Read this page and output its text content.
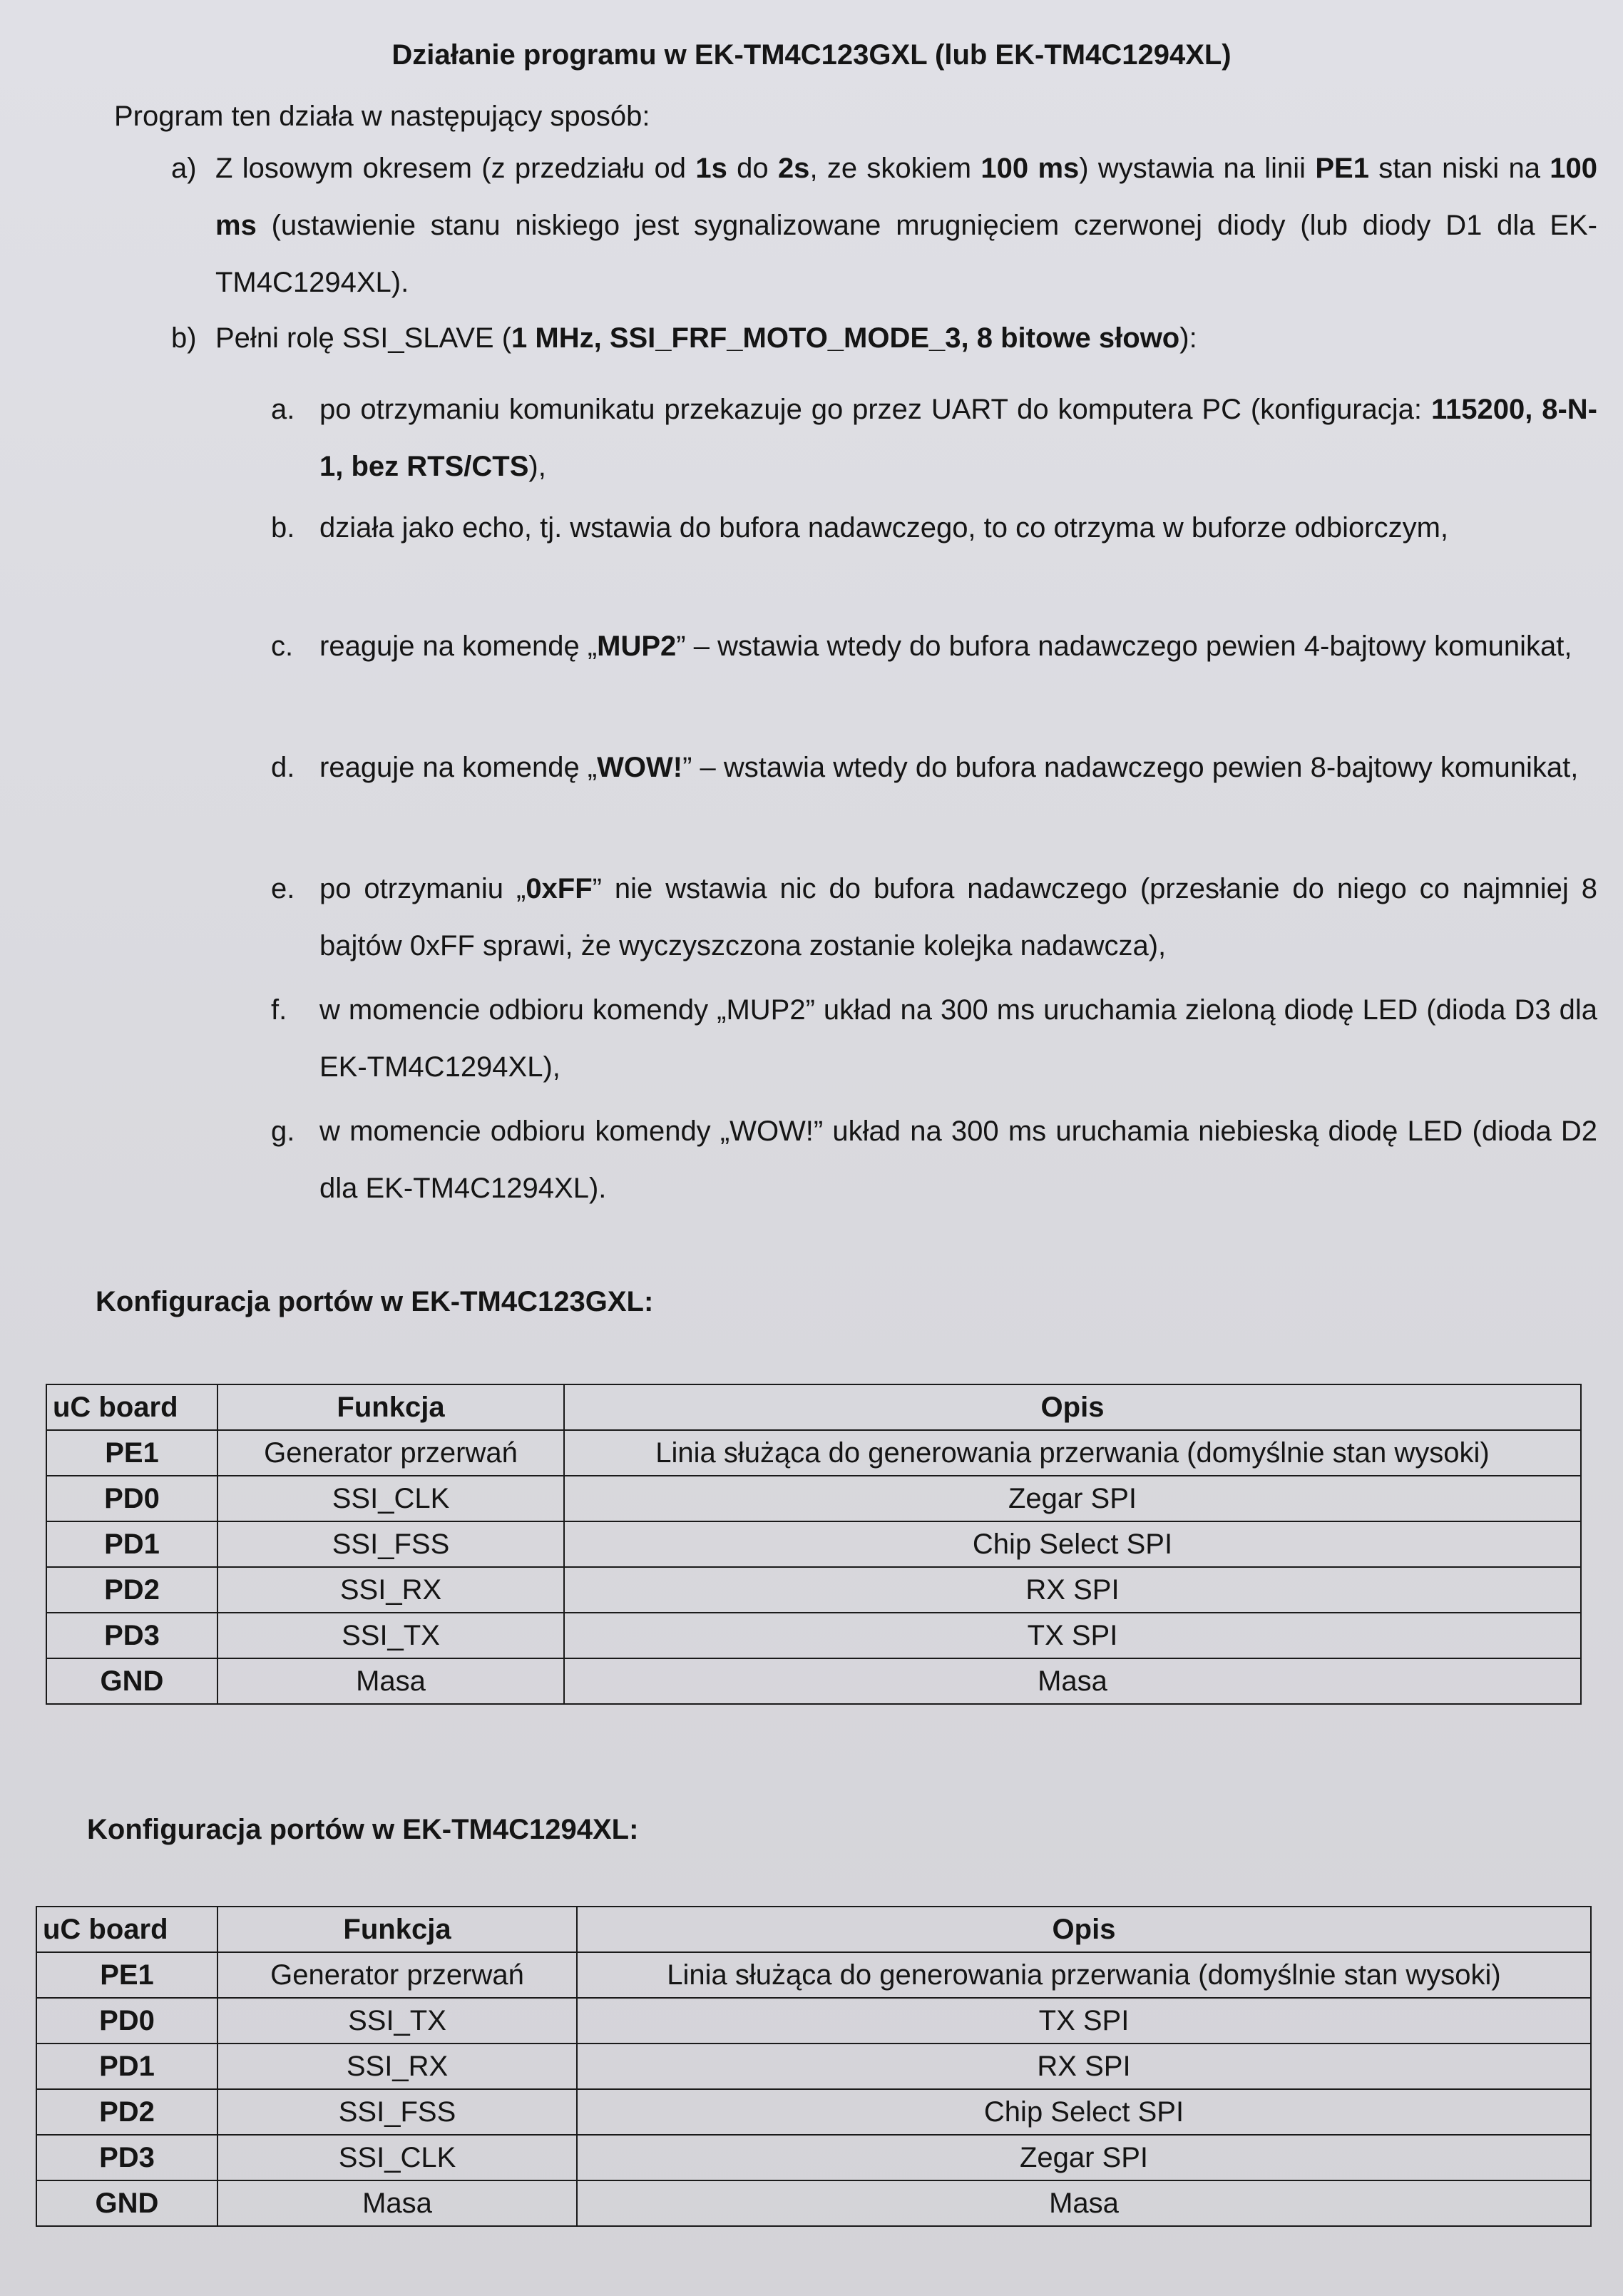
Działanie programu w EK-TM4C123GXL (lub EK-TM4C1294XL)
Program ten działa w następujący sposób:
a) Z losowym okresem (z przedziału od 1s do 2s, ze skokiem 100 ms) wystawia na linii PE1 stan niski na 100 ms (ustawienie stanu niskiego jest sygnalizowane mrugnięciem czerwonej diody (lub diody D1 dla EK-TM4C1294XL).
b) Pełni rolę SSI_SLAVE (1 MHz, SSI_FRF_MOTO_MODE_3, 8 bitowe słowo):
a. po otrzymaniu komunikatu przekazuje go przez UART do komputera PC (konfiguracja: 115200, 8-N-1, bez RTS/CTS),
b. działa jako echo, tj. wstawia do bufora nadawczego, to co otrzyma w buforze odbiorczym,
c. reaguje na komendę „MUP2” – wstawia wtedy do bufora nadawczego pewien 4-bajtowy komunikat,
d. reaguje na komendę „WOW!” – wstawia wtedy do bufora nadawczego pewien 8-bajtowy komunikat,
e. po otrzymaniu „0xFF” nie wstawia nic do bufora nadawczego (przesłanie do niego co najmniej 8 bajtów 0xFF sprawi, że wyczyszczona zostanie kolejka nadawcza),
f. w momencie odbioru komendy „MUP2” układ na 300 ms uruchamia zieloną diodę LED (dioda D3 dla EK-TM4C1294XL),
g. w momencie odbioru komendy „WOW!” układ na 300 ms uruchamia niebieską diodę LED (dioda D2 dla EK-TM4C1294XL).
Konfiguracja portów w EK-TM4C123GXL:
uC board	Funkcja	Opis
PE1	Generator przerwań	Linia służąca do generowania przerwania (domyślnie stan wysoki)
PD0	SSI_CLK	Zegar SPI
PD1	SSI_FSS	Chip Select SPI
PD2	SSI_RX	RX SPI
PD3	SSI_TX	TX SPI
GND	Masa	Masa
Konfiguracja portów w EK-TM4C1294XL:
uC board	Funkcja	Opis
PE1	Generator przerwań	Linia służąca do generowania przerwania (domyślnie stan wysoki)
PD0	SSI_TX	TX SPI
PD1	SSI_RX	RX SPI
PD2	SSI_FSS	Chip Select SPI
PD3	SSI_CLK	Zegar SPI
GND	Masa	Masa
